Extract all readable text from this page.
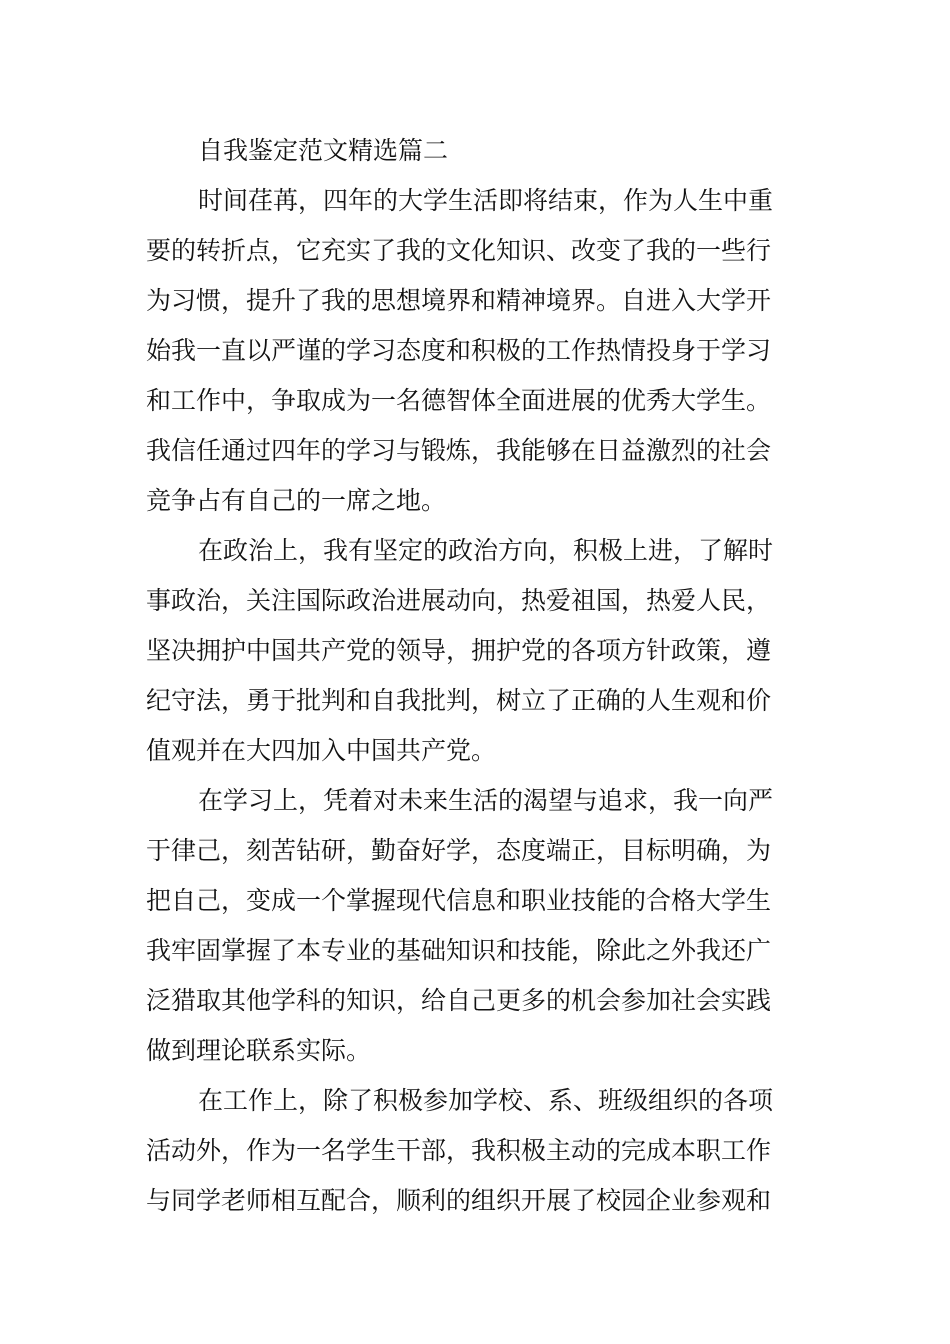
自我鉴定范文精选篇二
时间荏苒，四年的大学生活即将结束，作为人生中重
要的转折点，它充实了我的文化知识、改变了我的一些行
为习惯，提升了我的思想境界和精神境界。自进入大学开
始我一直以严谨的学习态度和积极的工作热情投身于学习
和工作中，争取成为一名德智体全面进展的优秀大学生。
我信任通过四年的学习与锻炼，我能够在日益激烈的社会
竞争占有自己的一席之地。
在政治上，我有坚定的政治方向，积极上进，了解时
事政治，关注国际政治进展动向，热爱祖国，热爱人民，
坚决拥护中国共产党的领导，拥护党的各项方针政策，遵
纪守法，勇于批判和自我批判，树立了正确的人生观和价
值观并在大四加入中国共产党。
在学习上，凭着对未来生活的渴望与追求，我一向严
于律己，刻苦钻研，勤奋好学，态度端正，目标明确，为
把自己，变成一个掌握现代信息和职业技能的合格大学生
我牢固掌握了本专业的基础知识和技能，除此之外我还广
泛猎取其他学科的知识，给自己更多的机会参加社会实践
做到理论联系实际。
在工作上，除了积极参加学校、系、班级组织的各项
活动外，作为一名学生干部，我积极主动的完成本职工作
与同学老师相互配合，顺利的组织开展了校园企业参观和
